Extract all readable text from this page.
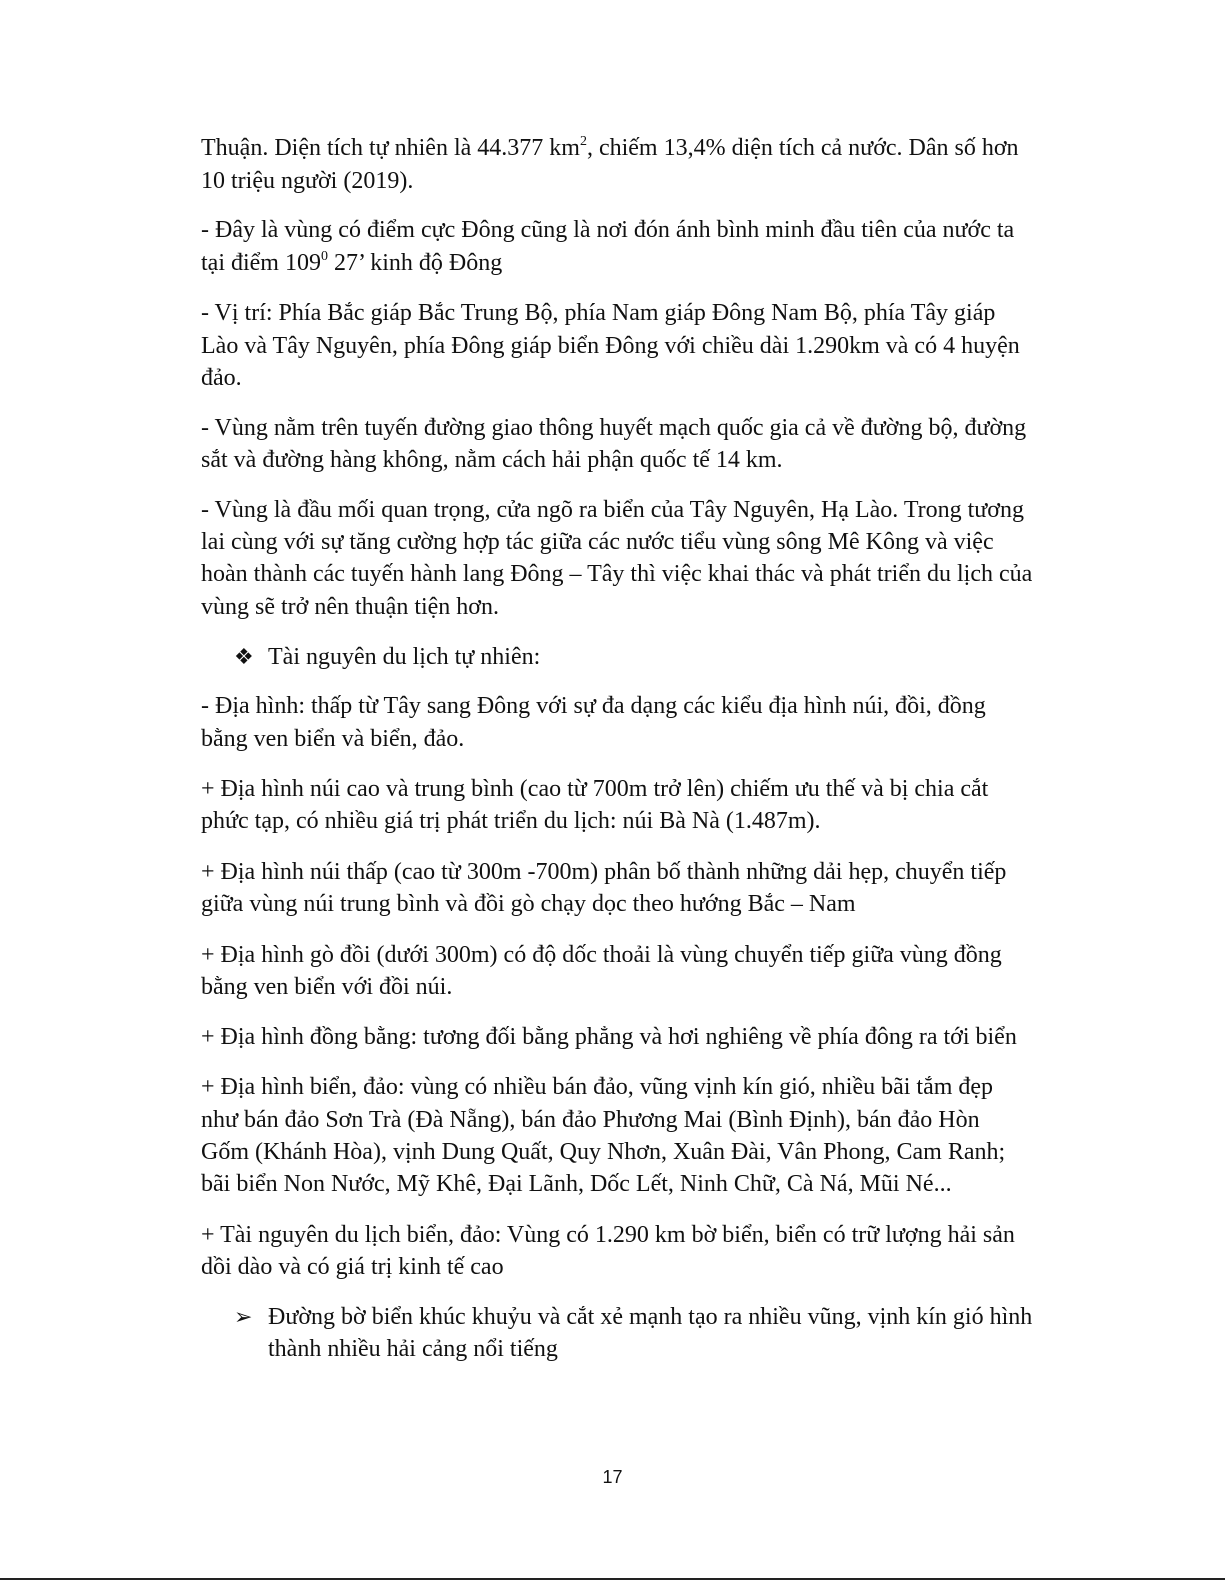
Thuận. Diện tích tự nhiên là 44.377 $km^2$, chiếm 13,4% diện tích cả nước. Dân số hơn
10 triệu người (2019).
- Đây là vùng có điểm cực Đông cũng là nơi đón ánh bình minh đầu tiên của nước ta
tại điểm $109^0$ 27’ kinh độ Đông
- Vị trí: Phía Bắc giáp Bắc Trung Bộ, phía Nam giáp Đông Nam Bộ, phía Tây giáp
Lào và Tây Nguyên, phía Đông giáp biển Đông với chiều dài 1.290km và có 4 huyện
đảo.
- Vùng nằm trên tuyến đường giao thông huyết mạch quốc gia cả về đường bộ, đường
sắt và đường hàng không, nằm cách hải phận quốc tế 14 km.
- Vùng là đầu mối quan trọng, cửa ngõ ra biển của Tây Nguyên, Hạ Lào. Trong tương
lai cùng với sự tăng cường hợp tác giữa các nước tiểu vùng sông Mê Kông và việc
hoàn thành các tuyến hành lang Đông – Tây thì việc khai thác và phát triển du lịch của
vùng sẽ trở nên thuận tiện hơn.
❖ Tài nguyên du lịch tự nhiên:
- Địa hình: thấp từ Tây sang Đông với sự đa dạng các kiểu địa hình núi, đồi, đồng
bằng ven biển và biển, đảo.
+ Địa hình núi cao và trung bình (cao từ 700m trở lên) chiếm ưu thế và bị chia cắt
phức tạp, có nhiều giá trị phát triển du lịch: núi Bà Nà (1.487m).
+ Địa hình núi thấp (cao từ 300m -700m) phân bố thành những dải hẹp, chuyển tiếp
giữa vùng núi trung bình và đồi gò chạy dọc theo hướng Bắc – Nam
+ Địa hình gò đồi (dưới 300m) có độ dốc thoải là vùng chuyển tiếp giữa vùng đồng
bằng ven biển với đồi núi.
+ Địa hình đồng bằng: tương đối bằng phẳng và hơi nghiêng về phía đông ra tới biển
+ Địa hình biển, đảo: vùng có nhiều bán đảo, vũng vịnh kín gió, nhiều bãi tắm đẹp
như bán đảo Sơn Trà (Đà Nẵng), bán đảo Phương Mai (Bình Định), bán đảo Hòn
Gốm (Khánh Hòa), vịnh Dung Quất, Quy Nhơn, Xuân Đài, Vân Phong, Cam Ranh;
bãi biển Non Nước, Mỹ Khê, Đại Lãnh, Dốc Lết, Ninh Chữ, Cà Ná, Mũi Né...
+ Tài nguyên du lịch biển, đảo: Vùng có 1.290 km bờ biển, biển có trữ lượng hải sản
dồi dào và có giá trị kinh tế cao
➢ Đường bờ biển khúc khuỷu và cắt xẻ mạnh tạo ra nhiều vũng, vịnh kín gió hình
thành nhiều hải cảng nổi tiếng
17
